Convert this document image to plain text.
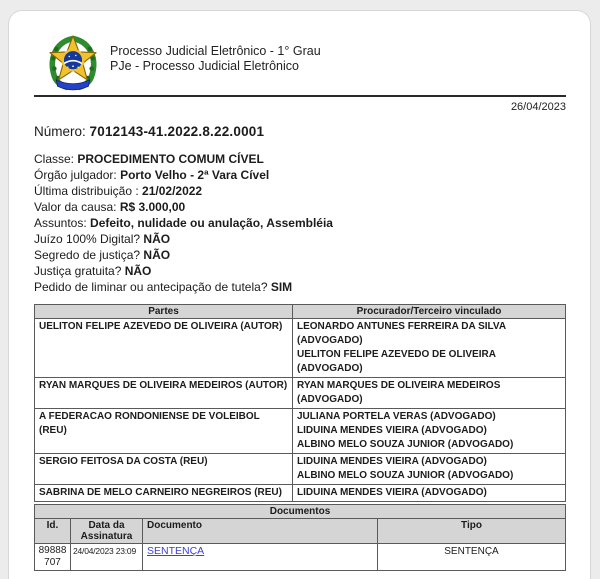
Processo Judicial Eletrônico - 1° Grau
PJe - Processo Judicial Eletrônico
26/04/2023
Número: 7012143-41.2022.8.22.0001
Classe: PROCEDIMENTO COMUM CÍVEL
Órgão julgador: Porto Velho - 2ª Vara Cível
Última distribuição : 21/02/2022
Valor da causa: R$ 3.000,00
Assuntos: Defeito, nulidade ou anulação, Assembléia
Juízo 100% Digital? NÃO
Segredo de justiça? NÃO
Justiça gratuita? NÃO
Pedido de liminar ou antecipação de tutela? SIM
Partes	Procurador/Terceiro vinculado
UELITON FELIPE AZEVEDO DE OLIVEIRA (AUTOR)	LEONARDO ANTUNES FERREIRA DA SILVA (ADVOGADO)
UELITON FELIPE AZEVEDO DE OLIVEIRA (ADVOGADO)

RYAN MARQUES DE OLIVEIRA MEDEIROS (AUTOR)	RYAN MARQUES DE OLIVEIRA MEDEIROS (ADVOGADO)

A FEDERACAO RONDONIENSE DE VOLEIBOL (REU)	JULIANA PORTELA VERAS (ADVOGADO)
LIDUINA MENDES VIEIRA (ADVOGADO)
ALBINO MELO SOUZA JUNIOR (ADVOGADO)

SERGIO FEITOSA DA COSTA (REU)	LIDUINA MENDES VIEIRA (ADVOGADO)
ALBINO MELO SOUZA JUNIOR (ADVOGADO)

SABRINA DE MELO CARNEIRO NEGREIROS (REU)	LIDUINA MENDES VIEIRA (ADVOGADO)
Documentos			
Id.	Data da Assinatura	Documento	Tipo
89888707	24/04/2023 23:09	SENTENÇA	SENTENÇA
